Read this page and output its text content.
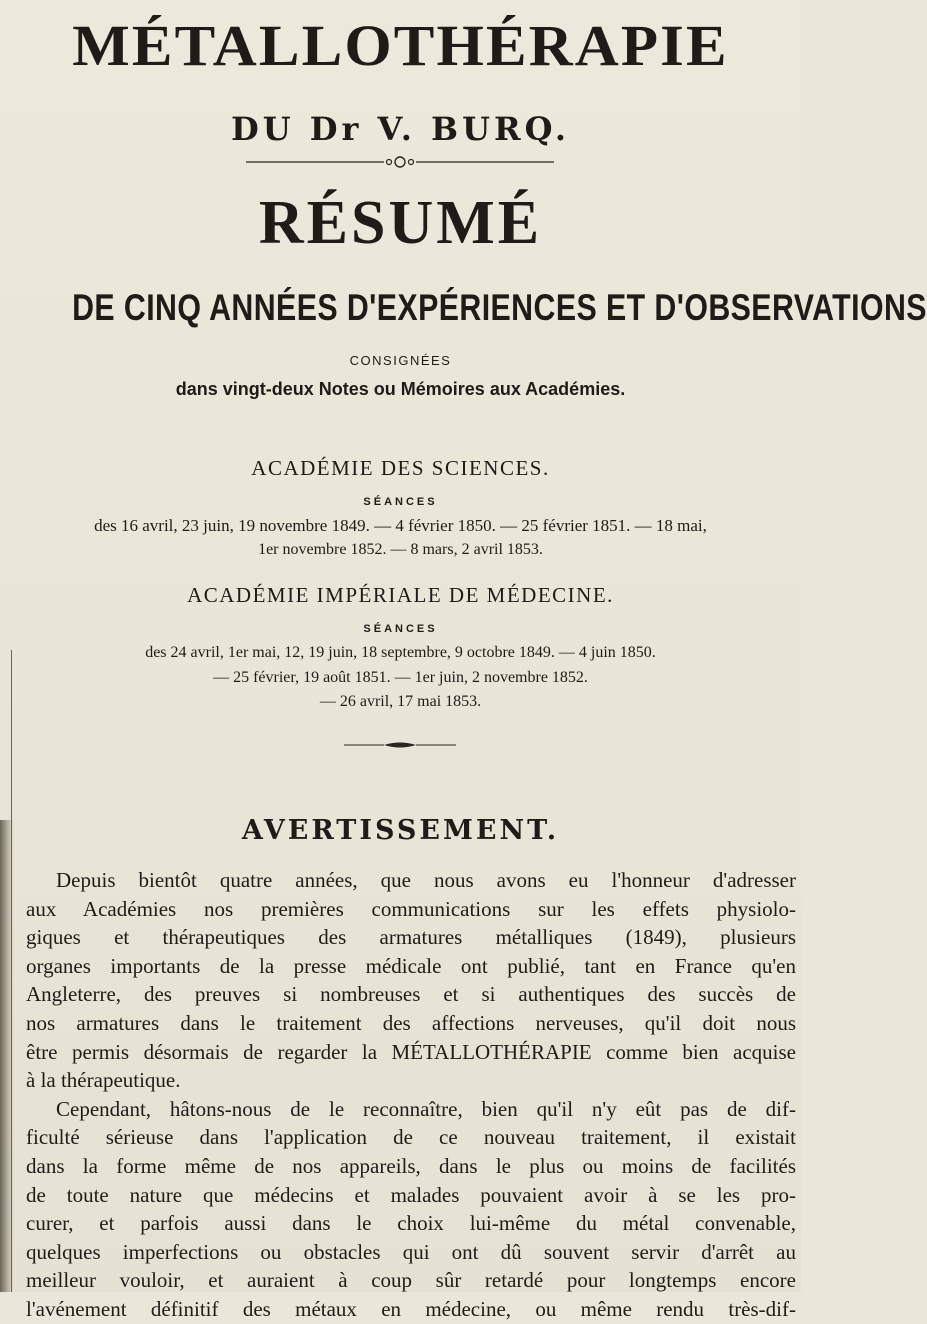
MÉTALLOTHÉRAPIE
DU Dr V. BURQ.
RÉSUMÉ
DE CINQ ANNÉES D'EXPÉRIENCES ET D'OBSERVATIONS
CONSIGNÉES
dans vingt-deux Notes ou Mémoires aux Académies.
ACADÉMIE DES SCIENCES.
SÉANCES
des 16 avril, 23 juin, 19 novembre 1849. — 4 février 1850. — 25 février 1851. — 18 mai,
1er novembre 1852. — 8 mars, 2 avril 1853.
ACADÉMIE IMPÉRIALE DE MÉDECINE.
SÉANCES
des 24 avril, 1er mai, 12, 19 juin, 18 septembre, 9 octobre 1849. — 4 juin 1850.
— 25 février, 19 août 1851. — 1er juin, 2 novembre 1852.
— 26 avril, 17 mai 1853.
AVERTISSEMENT.

Depuis bientôt quatre années, que nous avons eu l'honneur d'adresser
aux Académies nos premières communications sur les effets physiolo-
giques et thérapeutiques des armatures métalliques (1849), plusieurs
organes importants de la presse médicale ont publié, tant en France qu'en
Angleterre, des preuves si nombreuses et si authentiques des succès de
nos armatures dans le traitement des affections nerveuses, qu'il doit nous
être permis désormais de regarder la MÉTALLOTHÉRAPIE comme bien acquise
à la thérapeutique.

Cependant, hâtons-nous de le reconnaître, bien qu'il n'y eût pas de dif-
ficulté sérieuse dans l'application de ce nouveau traitement, il existait
dans la forme même de nos appareils, dans le plus ou moins de facilités
de toute nature que médecins et malades pouvaient avoir à se les pro-
curer, et parfois aussi dans le choix lui-même du métal convenable,
quelques imperfections ou obstacles qui ont dû souvent servir d'arrêt au
meilleur vouloir, et auraient à coup sûr retardé pour longtemps encore
l'avénement définitif des métaux en médecine, ou même rendu très-dif-
